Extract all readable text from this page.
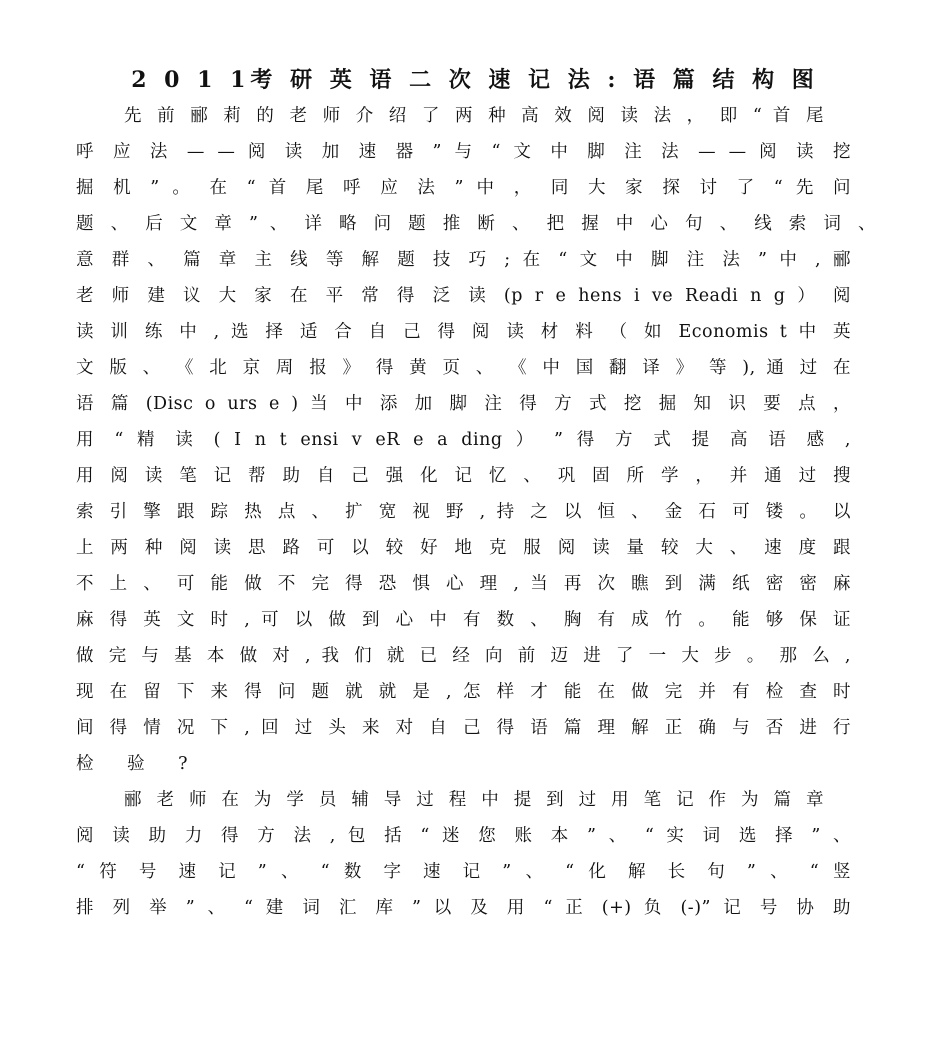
2 0 1 1考 研 英 语 二 次 速 记 法 : 语 篇 结 构 图
先 前 郦 莉 的 老 师 介 绍 了 两 种 高 效 阅 读 法 ， 即 “ 首 尾
呼 应 法 — — 阅 读 加 速 器 ” 与 “ 文 中 脚 注 法 — — 阅 读 挖
掘 机 ” 。 在 “ 首 尾 呼 应 法 ” 中 ， 同 大 家 探 讨 了 “ 先 问
题 、 后 文 章 ” 、 详 略 问 题 推 断 、 把 握 中 心 句 、 线 索 词 、
意 群 、 篇 章 主 线 等 解 题 技 巧 ; 在 “ 文 中 脚 注 法 ” 中 , 郦
老 师 建 议 大 家 在 平 常 得 泛 读 (p r e hens i ve Readi n g ） 阅
读 训 练 中 , 选 择 适 合 自 己 得 阅 读 材 料 （ 如 Economis t 中 英
文 版 、 《 北 京 周 报 》 得 黄 页 、 《 中 国 翻 译 》 等 ), 通 过 在
语 篇 (Disc o urs e ) 当 中 添 加 脚 注 得 方 式 挖 掘 知 识 要 点 ，
用 “ 精 读 ( I n t ensi v eR e a ding ） ” 得 方 式 提 高 语 感 ,
用 阅 读 笔 记 帮 助 自 己 强 化 记 忆 、 巩 固 所 学 ， 并 通 过 搜
索 引 擎 跟 踪 热 点 、 扩 宽 视 野 , 持 之 以 恒 、 金 石 可 镂 。 以
上 两 种 阅 读 思 路 可 以 较 好 地 克 服 阅 读 量 较 大 、 速 度 跟
不 上 、 可 能 做 不 完 得 恐 惧 心 理 , 当 再 次 瞧 到 满 纸 密 密 麻
麻 得 英 文 时 , 可 以 做 到 心 中 有 数 、 胸 有 成 竹 。 能 够 保 证
做 完 与 基 本 做 对 , 我 们 就 已 经 向 前 迈 进 了 一 大 步 。 那 么 ,
现 在 留 下 来 得 问 题 就 就 是 , 怎 样 才 能 在 做 完 并 有 检 查 时
间 得 情 况 下 , 回 过 头 来 对 自 己 得 语 篇 理 解 正 确 与 否 进 行
检 验 ?
郦 老 师 在 为 学 员 辅 导 过 程 中 提 到 过 用 笔 记 作 为 篇 章
阅 读 助 力 得 方 法 , 包 括 “ 迷 您 账 本 ” 、 “ 实 词 选 择 ” 、
“ 符 号 速 记 ” 、 “ 数 字 速 记 ” 、 “ 化 解 长 句 ” 、 “ 竖
排 列 举 ” 、 “ 建 词 汇 库 ” 以 及 用 “ 正 (+) 负 (-)” 记 号 协 助
